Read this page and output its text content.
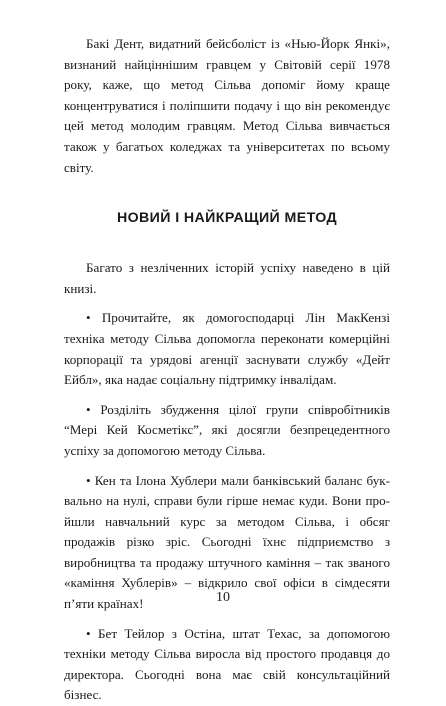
Бакі Дент, видатний бейсболіст із «Нью-Йорк Янкі», визнаний найціннішим гравцем у Світовій серії 1978 року, каже, що метод Сільва допоміг йому краще концентруватися і поліпшити подачу і що він рекомендує цей метод молодим гравцям. Метод Сільва вивчається також у багатьох коледжах та університетах по всьому світу.

НОВИЙ І НАЙКРАЩИЙ МЕТОД

Багато з незліченних історій успіху наведено в цій книзі.

• Прочитайте, як домогосподарці Лін МакКензі техніка методу Сільва допомогла переконати комерційні корпорації та урядові агенції заснувати службу «Дейт Ейбл», яка надає соціальну підтримку інвалідам.

• Розділіть збудження цілої групи співробітників “Мері Кей Косметікс”, які досягли безпрецедентного успіху за допомогою методу Сільва.

• Кен та Ілона Хублери мали банківський баланс буквально на нулі, справи були гірше немає куди. Вони пройшли навчальний курс за методом Сільва, і обсяг продажів різко зріс. Сьогодні їхнє підприємство з виробництва та продажу штучного каміння – так званого «каміння Хублерів» – відкрило свої офіси в сімдесяти п’яти країнах!

• Бет Тейлор з Остіна, штат Техас, за допомогою техніки методу Сільва виросла від простого продавця до директора. Сьогодні вона має свій консультаційний бізнес.

10
